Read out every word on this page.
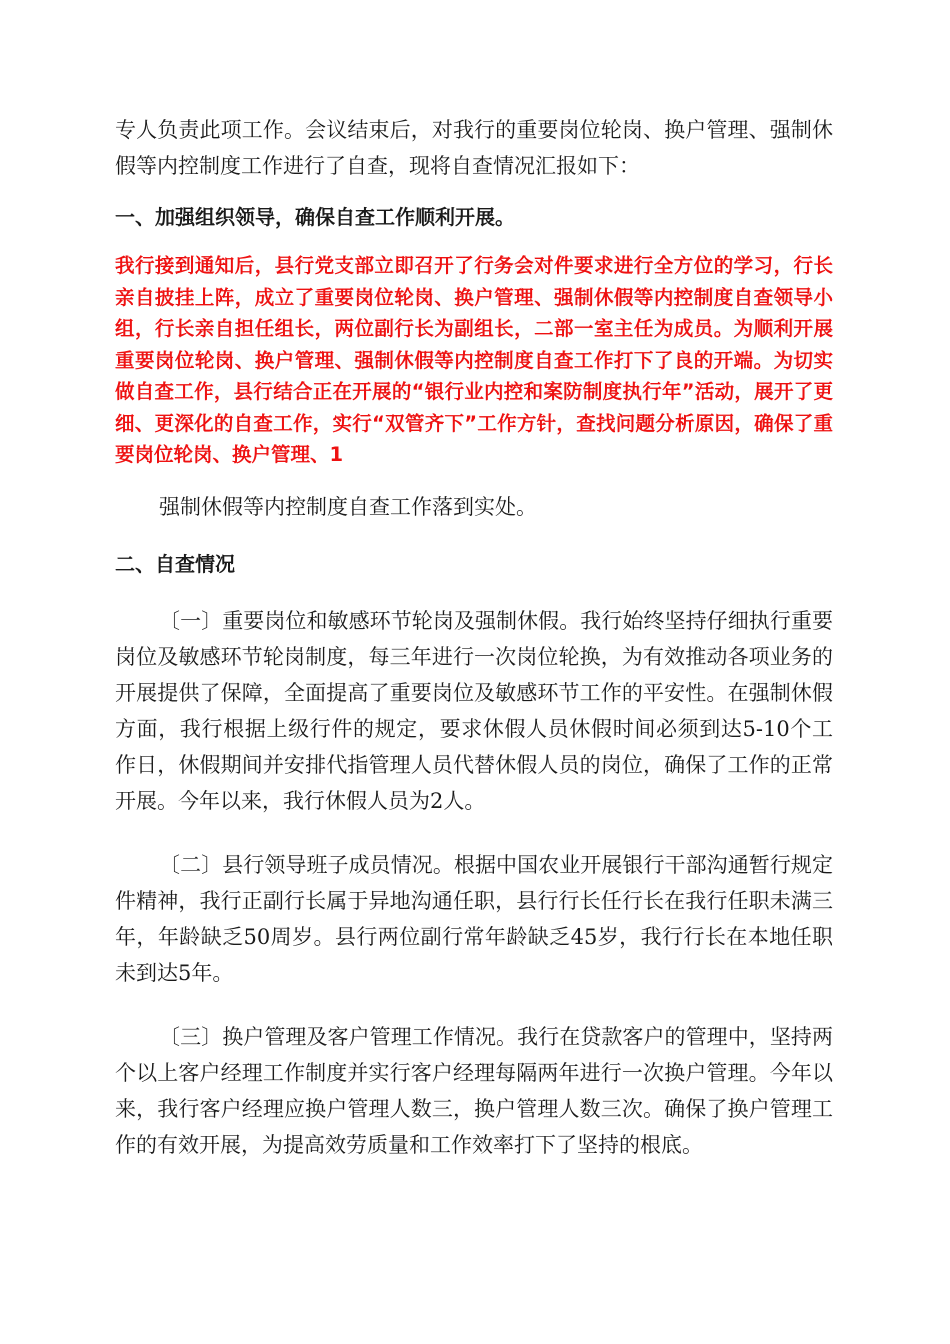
专人负责此项工作。会议结束后，对我行的重要岗位轮岗、换户管理、强制休假等内控制度工作进行了自查，现将自查情况汇报如下：

一、加强组织领导，确保自查工作顺利开展。

我行接到通知后，县行党支部立即召开了行务会对件要求进行全方位的学习，行长亲自披挂上阵，成立了重要岗位轮岗、换户管理、强制休假等内控制度自查领导小组，行长亲自担任组长，两位副行长为副组长，二部一室主任为成员。为顺利开展重要岗位轮岗、换户管理、强制休假等内控制度自查工作打下了良的开端。为切实做自查工作，县行结合正在开展的“银行业内控和案防制度执行年”活动，展开了更细、更深化的自查工作，实行“双管齐下”工作方针，查找问题分析原因，确保了重要岗位轮岗、换户管理、1

强制休假等内控制度自查工作落到实处。

二、自查情况

〔一〕重要岗位和敏感环节轮岗及强制休假。我行始终坚持仔细执行重要岗位及敏感环节轮岗制度，每三年进行一次岗位轮换，为有效推动各项业务的开展提供了保障，全面提高了重要岗位及敏感环节工作的平安性。在强制休假方面，我行根据上级行件的规定，要求休假人员休假时间必须到达5-10个工作日，休假期间并安排代指管理人员代替休假人员的岗位，确保了工作的正常开展。今年以来，我行休假人员为2人。

〔二〕县行领导班子成员情况。根据中国农业开展银行干部沟通暂行规定件精神，我行正副行长属于异地沟通任职，县行行长任行长在我行任职未满三年，年龄缺乏50周岁。县行两位副行常年龄缺乏45岁，我行行长在本地任职未到达5年。

〔三〕换户管理及客户管理工作情况。我行在贷款客户的管理中，坚持两个以上客户经理工作制度并实行客户经理每隔两年进行一次换户管理。今年以来，我行客户经理应换户管理人数三，换户管理人数三次。确保了换户管理工作的有效开展，为提高效劳质量和工作效率打下了坚持的根底。
